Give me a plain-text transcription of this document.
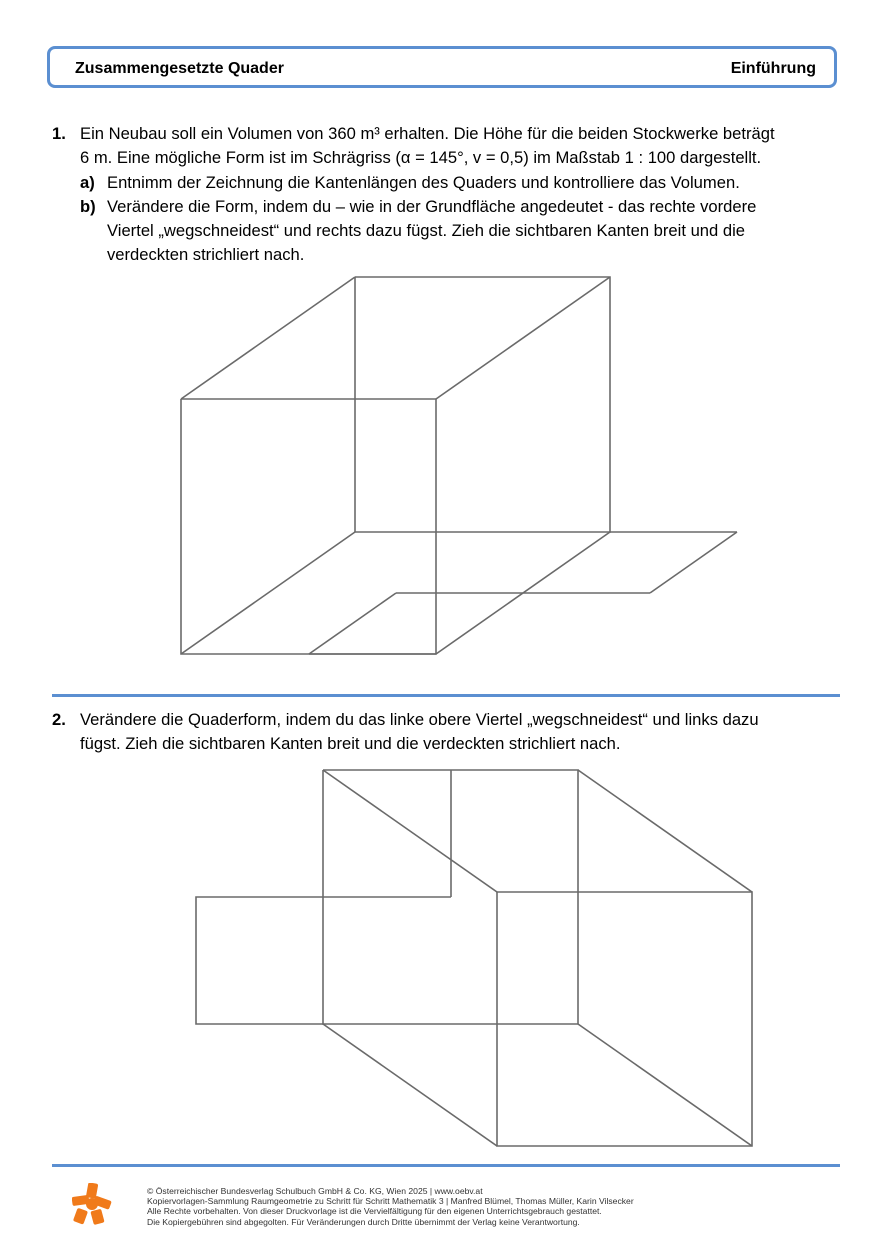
Zusammengesetzte Quader	Einführung
1. Ein Neubau soll ein Volumen von 360 m³ erhalten. Die Höhe für die beiden Stockwerke beträgt
6 m. Eine mögliche Form ist im Schrägriss (α = 145°, v = 0,5) im Maßstab 1 : 100 dargestellt.
a) Entnimm der Zeichnung die Kantenlängen des Quaders und kontrolliere das Volumen.
b) Verändere die Form, indem du – wie in der Grundfläche angedeutet - das rechte vordere
Viertel „wegschneidest“ und rechts dazu fügst. Zieh die sichtbaren Kanten breit und die
verdeckten strichliert nach.
2. Verändere die Quaderform, indem du das linke obere Viertel „wegschneidest“ und links dazu
fügst. Zieh die sichtbaren Kanten breit und die verdeckten strichliert nach.
© Österreichischer Bundesverlag Schulbuch GmbH & Co. KG, Wien 2025 | www.oebv.at
Kopiervorlagen-Sammlung Raumgeometrie zu Schritt für Schritt Mathematik 3 | Manfred Blümel, Thomas Müller, Karin Vilsecker
Alle Rechte vorbehalten. Von dieser Druckvorlage ist die Vervielfältigung für den eigenen Unterrichtsgebrauch gestattet.
Die Kopiergebühren sind abgegolten. Für Veränderungen durch Dritte übernimmt der Verlag keine Verantwortung.
